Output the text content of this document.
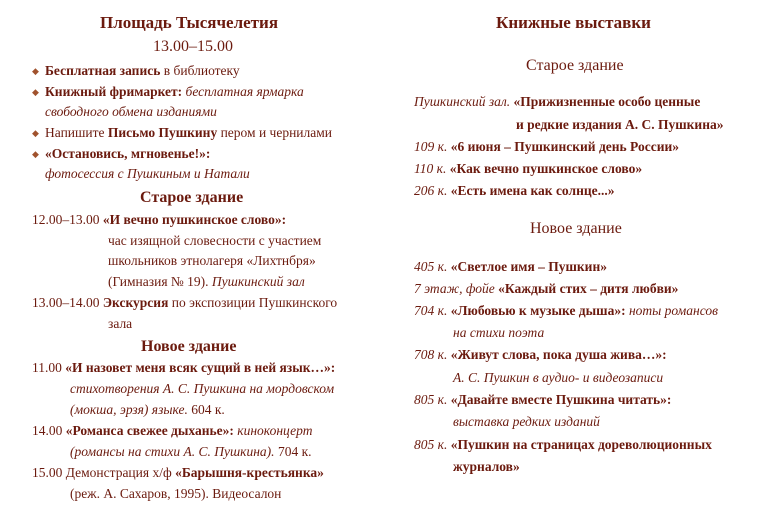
Площадь Тысячелетия
13.00–15.00
◆ Бесплатная запись в библиотеку
◆ Книжный фримаркет: бесплатная ярмарка
свободного обмена изданиями
◆ Напишите Письмо Пушкину пером и чернилами
◆ «Остановись, мгновенье!»:
фотосессия с Пушкиным и Натали
Старое здание
12.00–13.00 «И вечно пушкинское слово»:
час изящной словесности с участием
школьников этнолагеря «Лихтнбря»
(Гимназия № 19). Пушкинский зал
13.00–14.00 Экскурсия по экспозиции Пушкинского
зала
Новое здание
11.00 «И назовет меня всяк сущий в ней язык…»:
стихотворения А. С. Пушкина на мордовском
(мокша, эрзя) языке. 604 к.
14.00 «Романса свежее дыханье»: киноконцерт
(романсы на стихи А. С. Пушкина). 704 к.
15.00 Демонстрация х/ф «Барышня-крестьянка»
(реж. А. Сахаров, 1995). Видеосалон
Книжные выставки
Старое здание
Пушкинский зал. «Прижизненные особо ценные
и редкие издания А. С. Пушкина»
109 к. «6 июня – Пушкинский день России»
110 к. «Как вечно пушкинское слово»
206 к. «Есть имена как солнце...»
Новое здание
405 к. «Светлое имя – Пушкин»
7 этаж, фойе «Каждый стих – дитя любви»
704 к. «Любовью к музыке дыша»: ноты романсов
на стихи поэта
708 к. «Живут слова, пока душа жива…»:
А. С. Пушкин в аудио- и видеозаписи
805 к. «Давайте вместе Пушкина читать»:
выставка редких изданий
805 к. «Пушкин на страницах дореволюционных
журналов»
